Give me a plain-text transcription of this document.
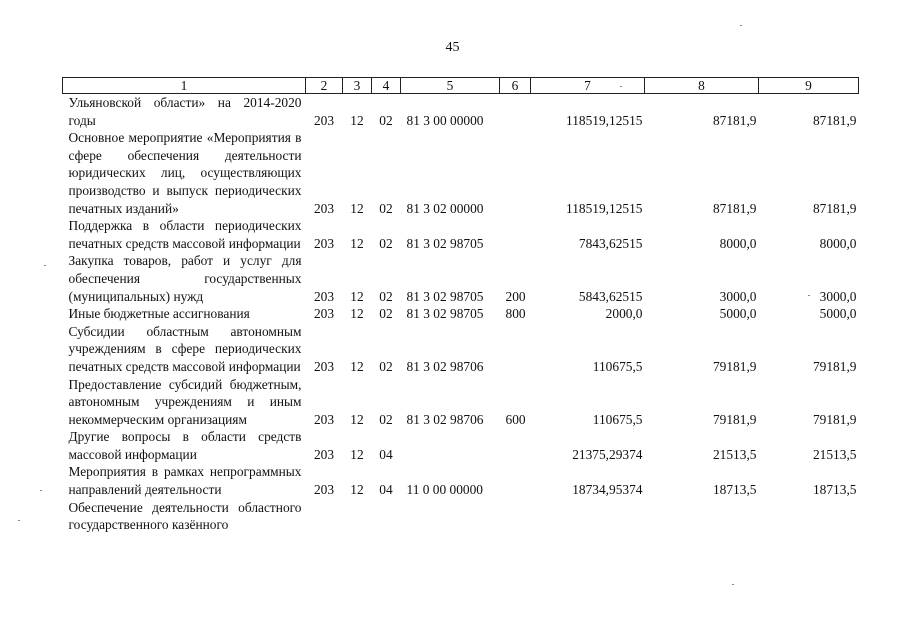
45
1	2	3	4	5	6	7	8	9
Ульяновской области» на 2014-2020 годы	203	12	02	81 3 00 00000		118519,12515	87181,9	87181,9
Основное мероприятие «Мероприятия в сфере обеспечения деятельности юридических лиц, осуществляющих производство и выпуск периодических печатных изданий»	203	12	02	81 3 02 00000		118519,12515	87181,9	87181,9
Поддержка в области периодических печатных средств массовой информации	203	12	02	81 3 02 98705		7843,62515	8000,0	8000,0
Закупка товаров, работ и услуг для обеспечения государственных (муниципальных) нужд	203	12	02	81 3 02 98705	200	5843,62515	3000,0	3000,0
Иные бюджетные ассигнования	203	12	02	81 3 02 98705	800	2000,0	5000,0	5000,0
Субсидии областным автономным учреждениям в сфере периодических печатных средств массовой информации	203	12	02	81 3 02 98706		110675,5	79181,9	79181,9
Предоставление субсидий бюджетным, автономным учреждениям и иным некоммерческим организациям	203	12	02	81 3 02 98706	600	110675,5	79181,9	79181,9
Другие вопросы в области средств массовой информации	203	12	04			21375,29374	21513,5	21513,5
Мероприятия в рамках непрограммных направлений деятельности	203	12	04	11 0 00 00000		18734,95374	18713,5	18713,5
Обеспечение деятельности областного государственного казённого								
